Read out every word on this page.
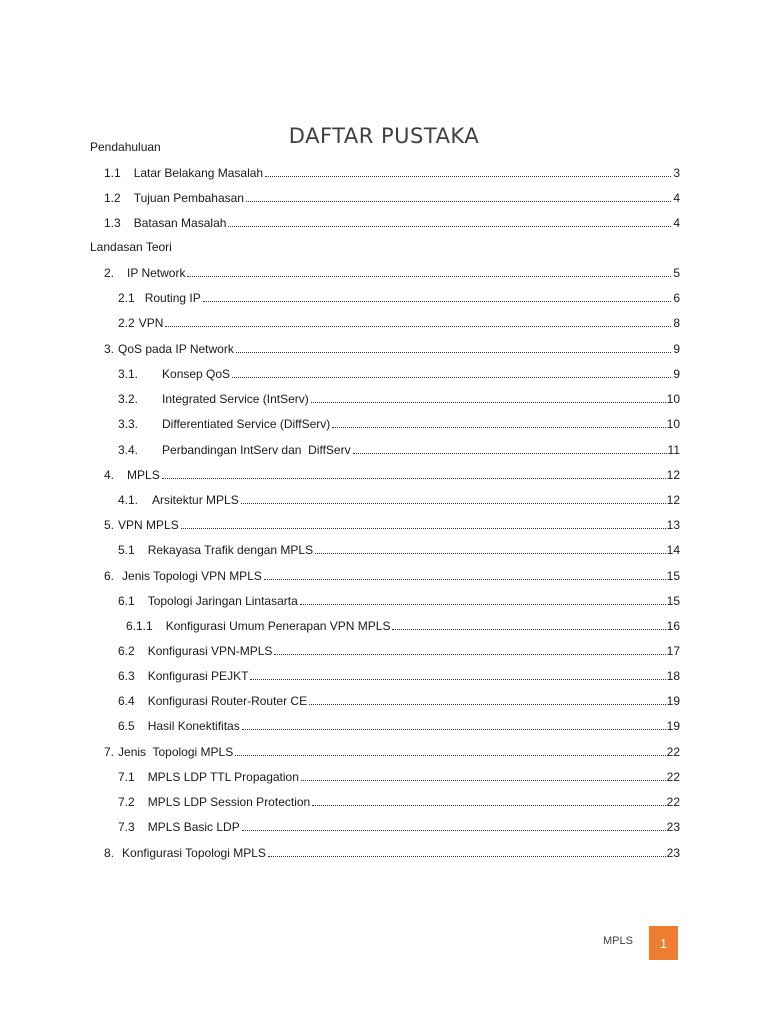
DAFTAR PUSTAKA
Pendahuluan
Landasan Teori
1.1 Latar Belakang Masalah	3
1.2 Tujuan Pembahasan	4
1.3 Batasan Masalah	4
2. IP Network	5
2.1 Routing IP	6
2.2 VPN	8
3. QoS pada IP Network	9
3.1. Konsep QoS	9
3.2. Integrated Service (IntServ)	10
3.3. Differentiated Service (DiffServ)	10
3.4. Perbandingan IntServ dan  DiffServ	11
4. MPLS	12
4.1. Arsitektur MPLS	12
5. VPN MPLS	13
5.1 Rekayasa Trafik dengan MPLS	14
6. Jenis Topologi VPN MPLS	15
6.1 Topologi Jaringan Lintasarta	15
6.1.1 Konfigurasi Umum Penerapan VPN MPLS	16
6.2 Konfigurasi VPN-MPLS	17
6.3 Konfigurasi PEJKT	18
6.4 Konfigurasi Router-Router CE	19
6.5 Hasil Konektifitas	19
7. Jenis  Topologi MPLS	22
7.1 MPLS LDP TTL Propagation	22
7.2 MPLS LDP Session Protection	22
7.3 MPLS Basic LDP	23
8. Konfigurasi Topologi MPLS	23
MPLS 1
